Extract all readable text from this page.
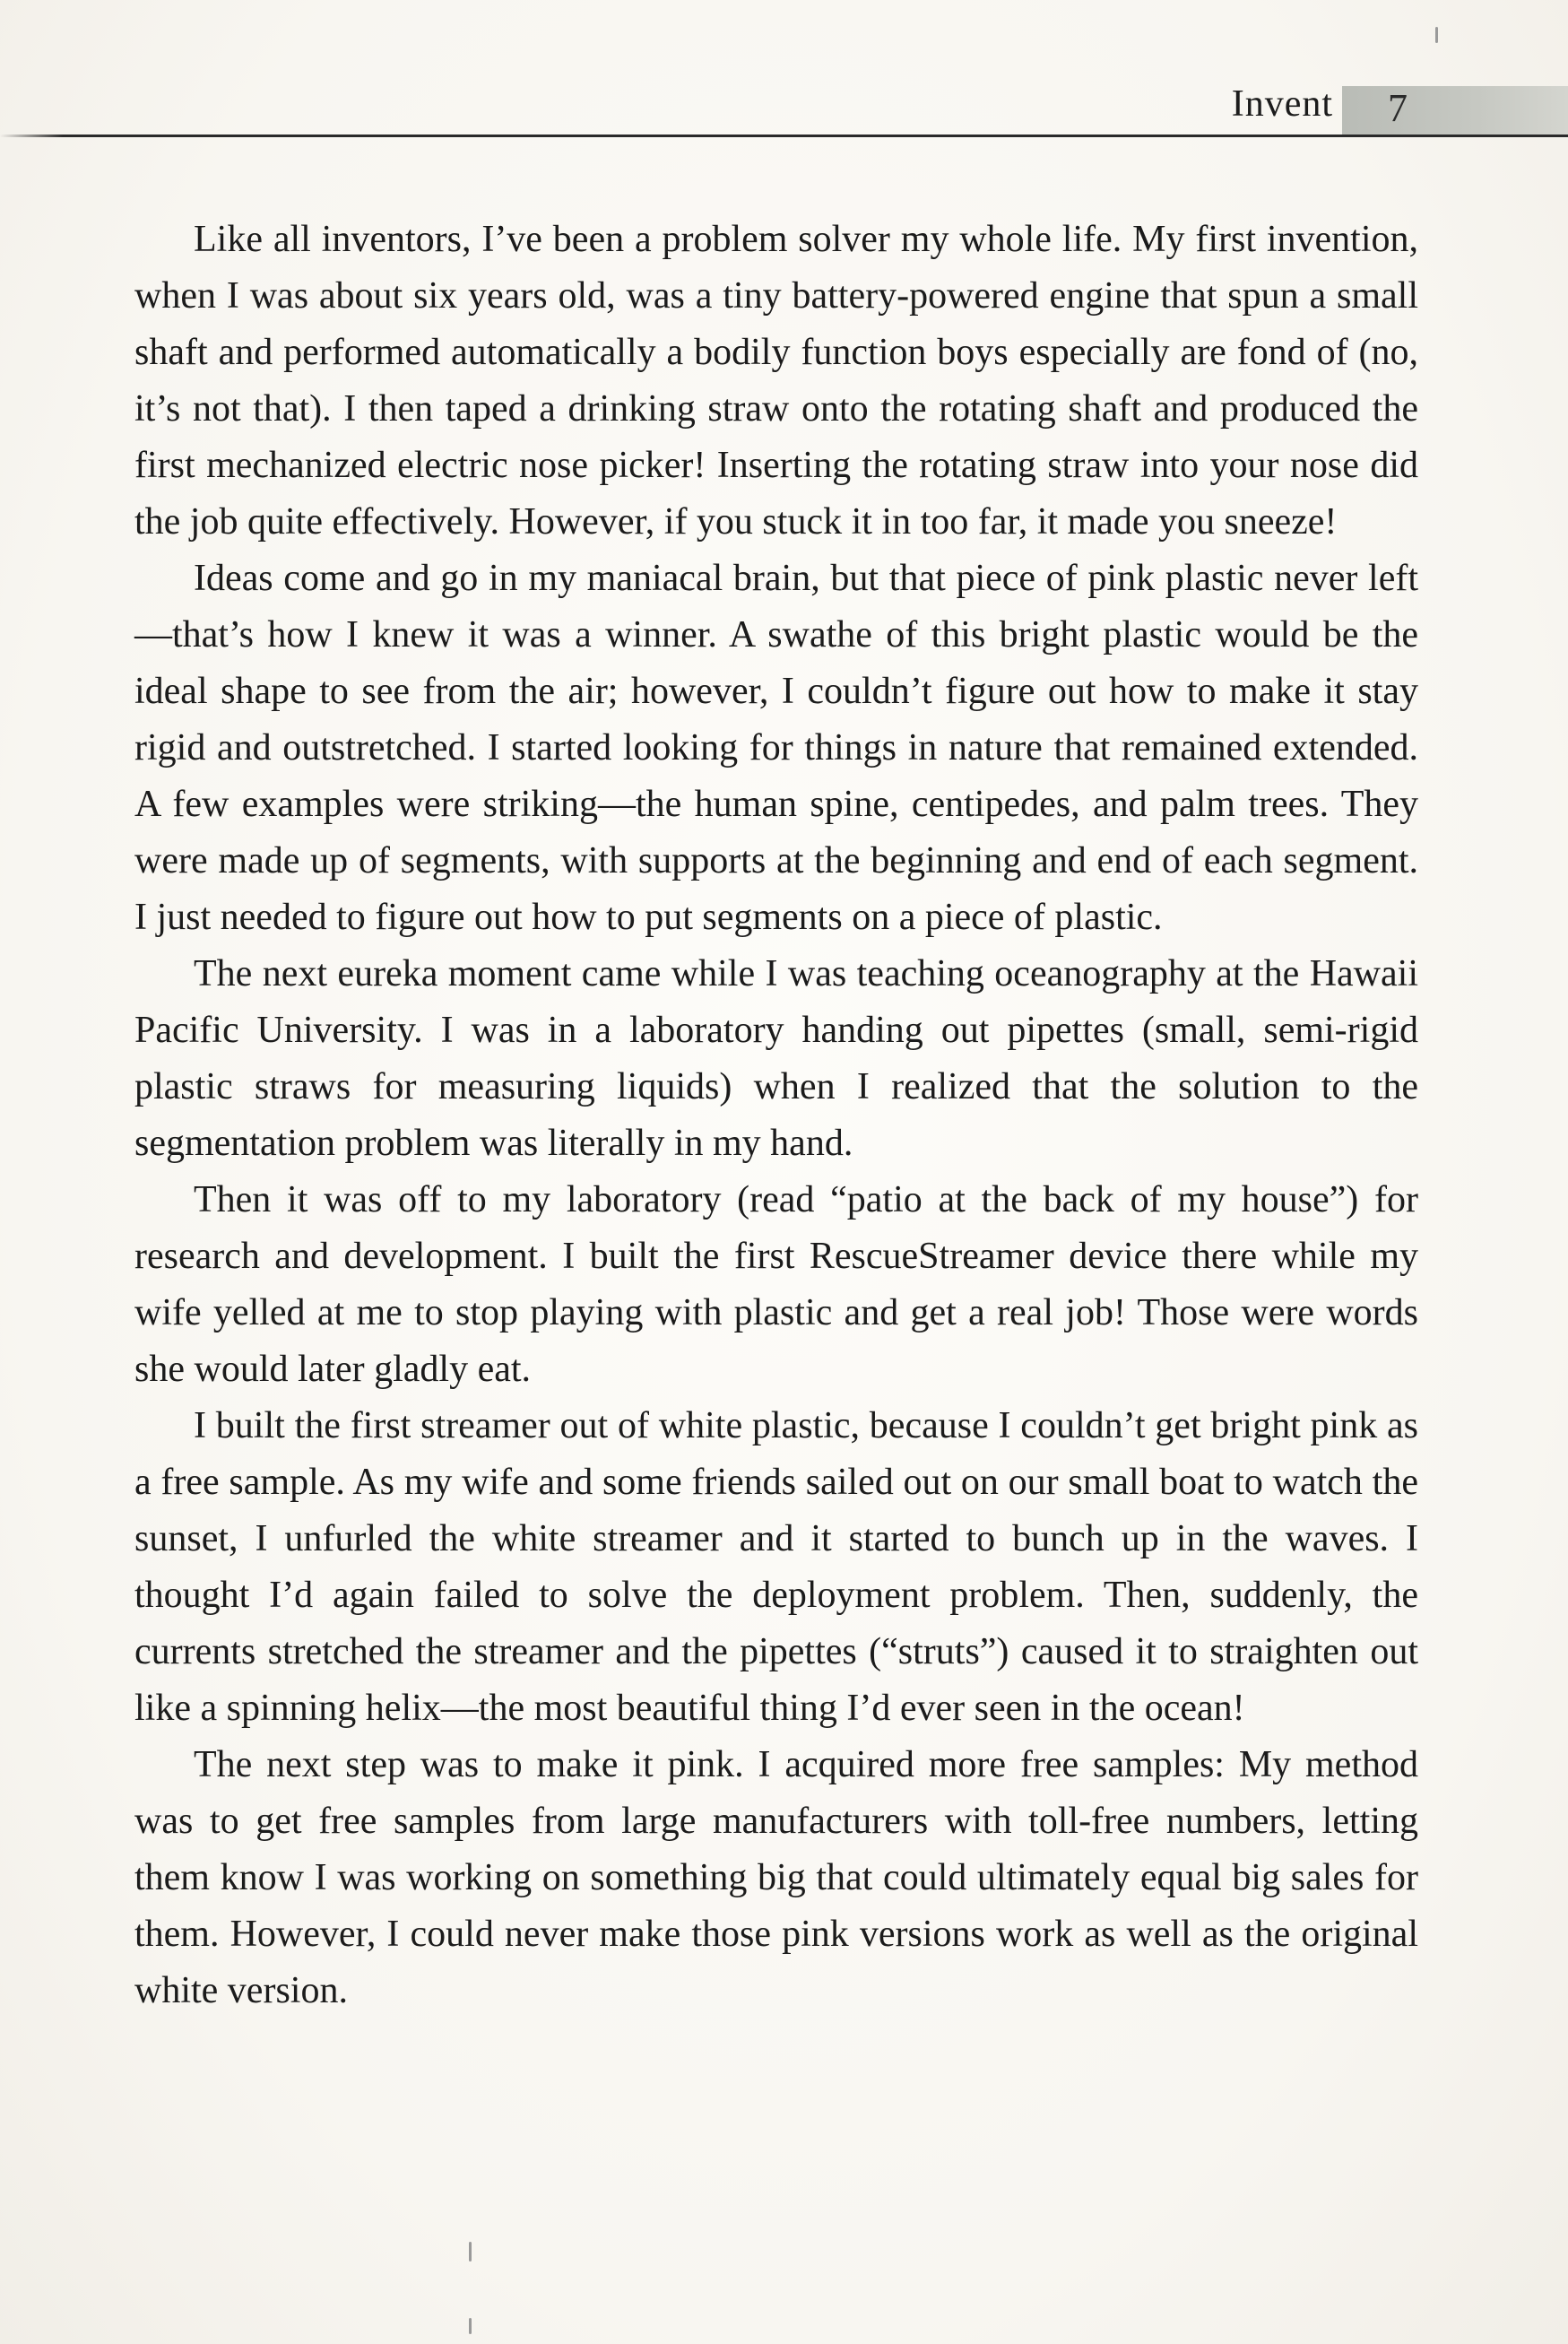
Invent 7

Like all inventors, I’ve been a problem solver my whole life. My first invention, when I was about six years old, was a tiny battery-powered engine that spun a small shaft and performed automatically a bodily function boys especially are fond of (no, it’s not that). I then taped a drinking straw onto the rotating shaft and produced the first mechanized electric nose picker! Inserting the rotating straw into your nose did the job quite effectively. However, if you stuck it in too far, it made you sneeze!

Ideas come and go in my maniacal brain, but that piece of pink plastic never left—that’s how I knew it was a winner. A swathe of this bright plastic would be the ideal shape to see from the air; however, I couldn’t figure out how to make it stay rigid and outstretched. I started looking for things in nature that remained extended. A few examples were striking—the human spine, centipedes, and palm trees. They were made up of segments, with supports at the beginning and end of each segment. I just needed to figure out how to put segments on a piece of plastic.

The next eureka moment came while I was teaching oceanography at the Hawaii Pacific University. I was in a laboratory handing out pipettes (small, semi-rigid plastic straws for measuring liquids) when I realized that the solution to the segmentation problem was literally in my hand.

Then it was off to my laboratory (read “patio at the back of my house”) for research and development. I built the first RescueStreamer device there while my wife yelled at me to stop playing with plastic and get a real job! Those were words she would later gladly eat.

I built the first streamer out of white plastic, because I couldn’t get bright pink as a free sample. As my wife and some friends sailed out on our small boat to watch the sunset, I unfurled the white streamer and it started to bunch up in the waves. I thought I’d again failed to solve the deployment problem. Then, suddenly, the currents stretched the streamer and the pipettes (“struts”) caused it to straighten out like a spinning helix—the most beautiful thing I’d ever seen in the ocean!

The next step was to make it pink. I acquired more free samples: My method was to get free samples from large manufacturers with toll-free numbers, letting them know I was working on something big that could ultimately equal big sales for them. However, I could never make those pink versions work as well as the original white version.
